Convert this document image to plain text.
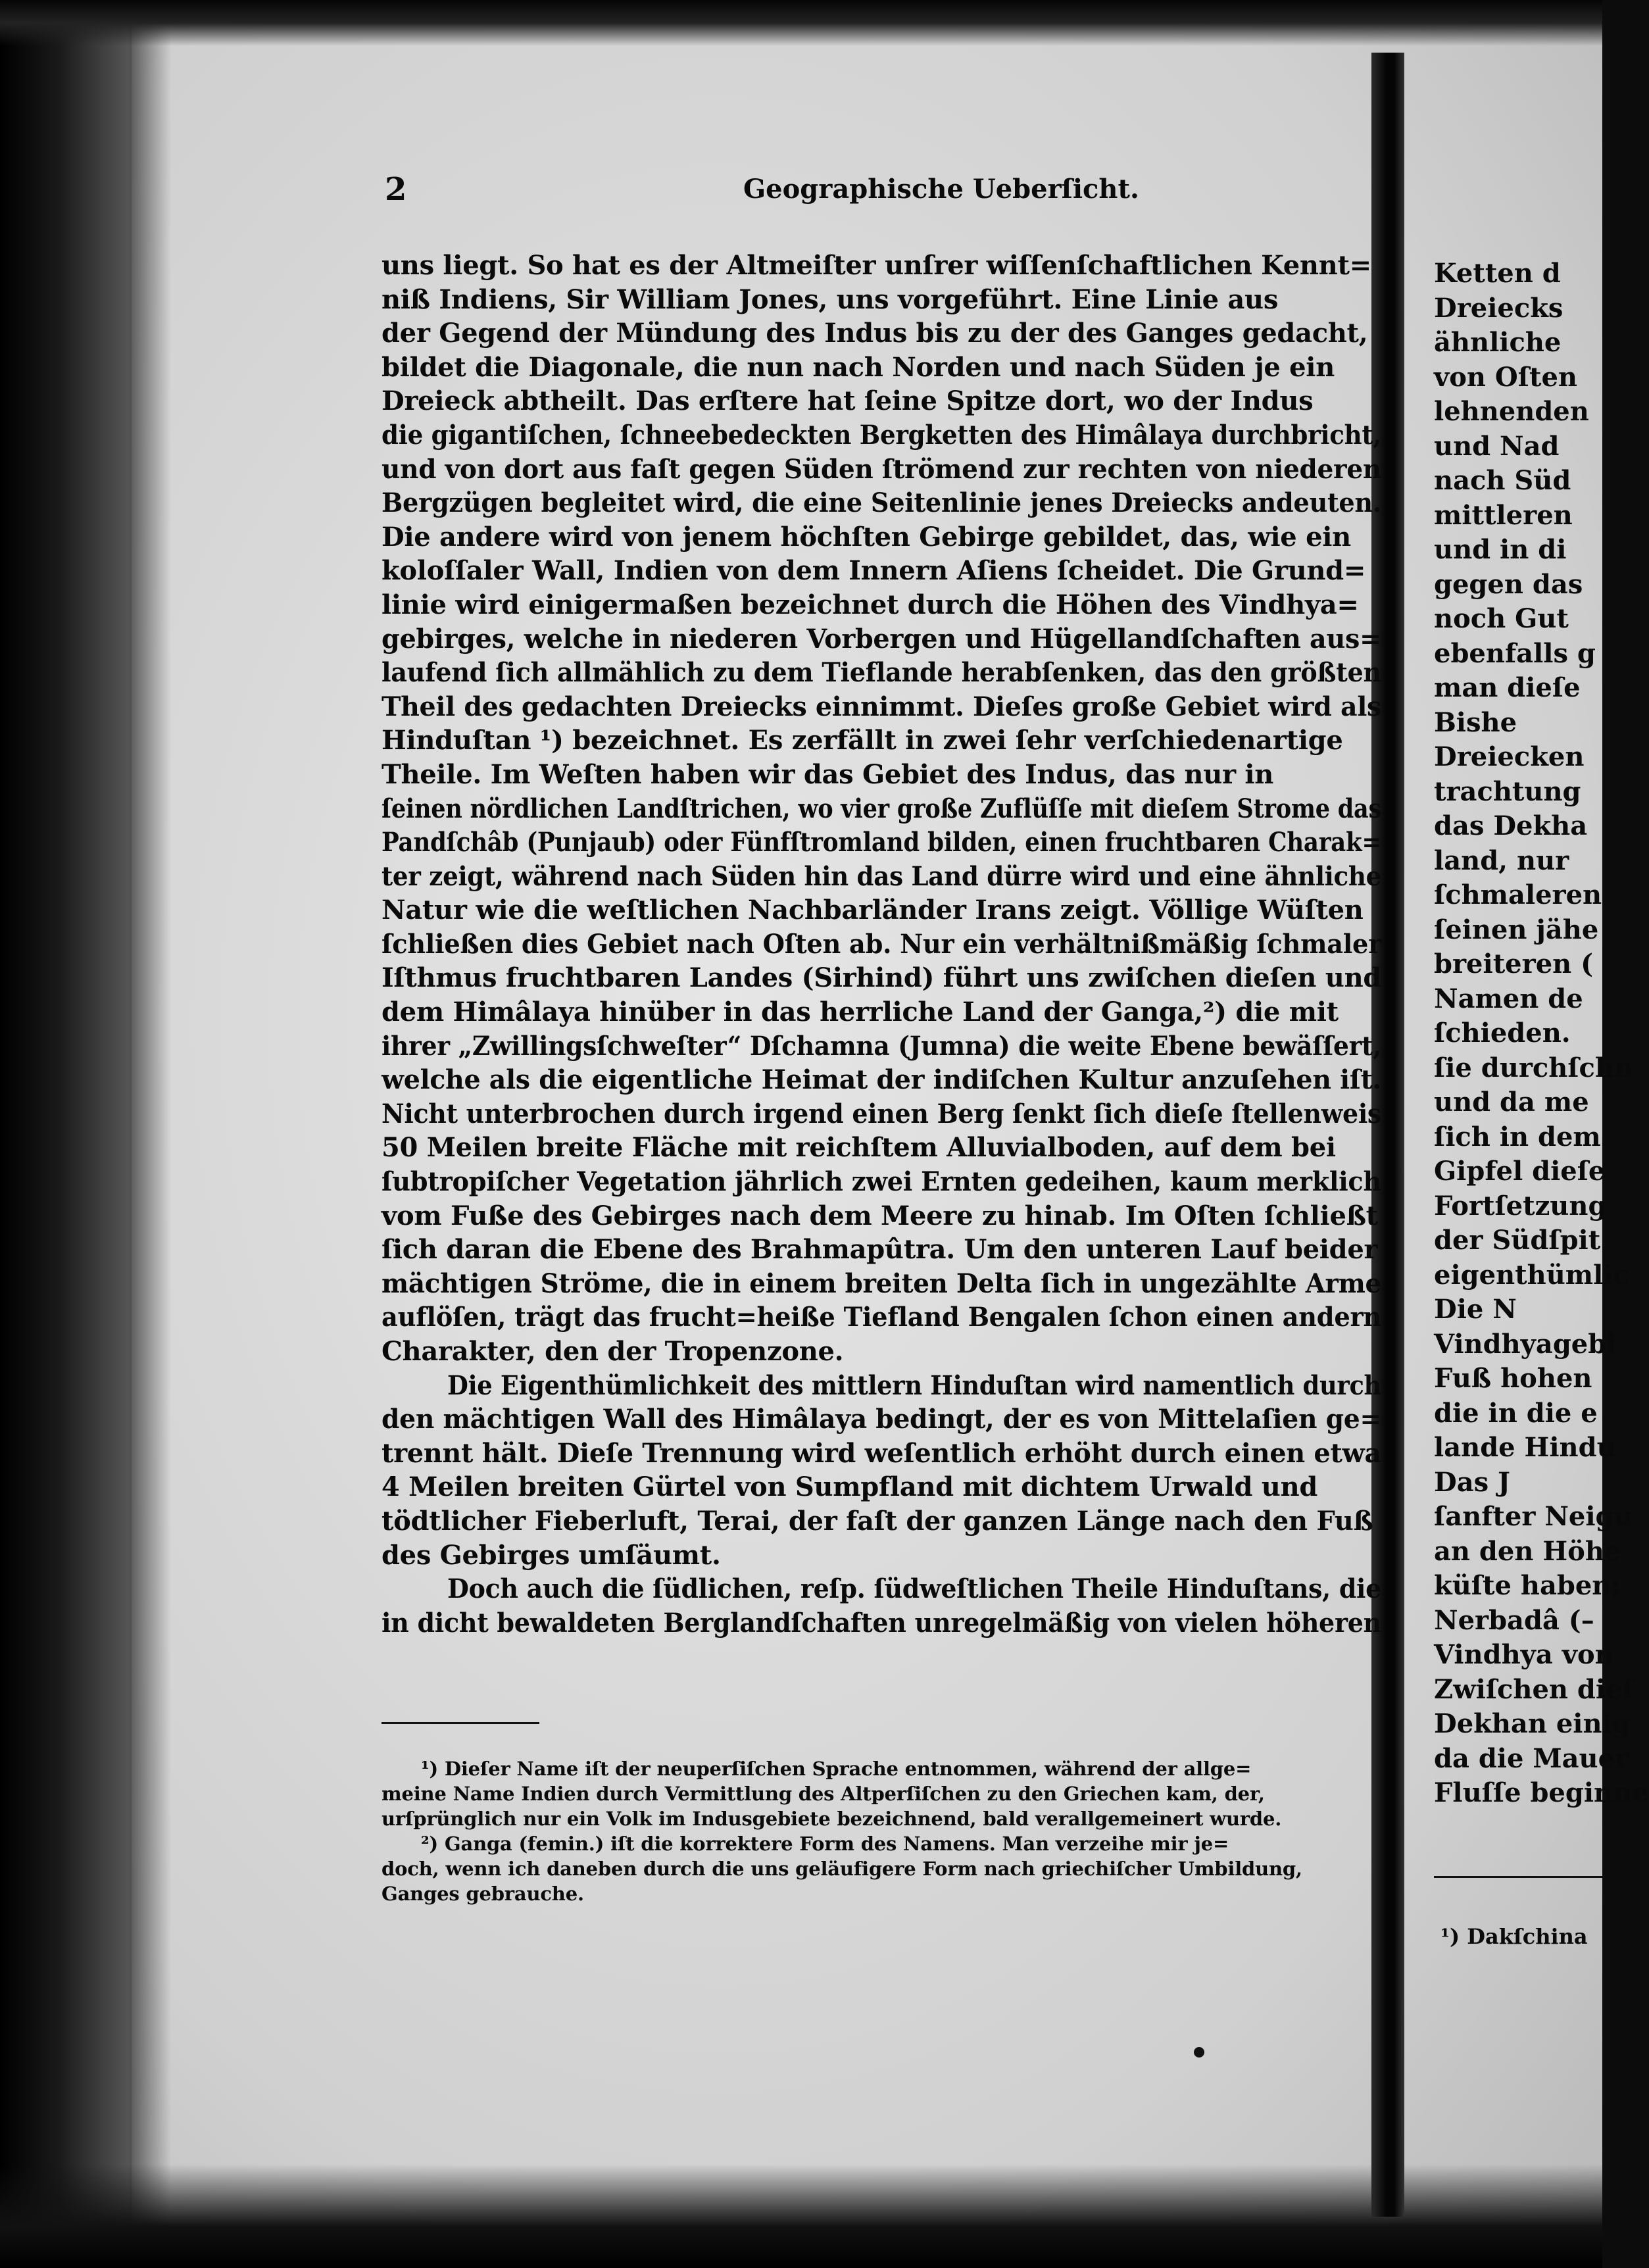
2	Geographische Ueberſicht.
uns liegt. So hat es der Altmeiſter unſrer wiſſenſchaftlichen Kennt=
niß Indiens, Sir William Jones, uns vorgeführt. Eine Linie aus
der Gegend der Mündung des Indus bis zu der des Ganges gedacht,
bildet die Diagonale, die nun nach Norden und nach Süden je ein
Dreieck abtheilt. Das erſtere hat ſeine Spitze dort, wo der Indus
die gigantiſchen, ſchneebedeckten Bergketten des Himâlaya durchbricht,
und von dort aus faſt gegen Süden ſtrömend zur rechten von niederen
Bergzügen begleitet wird, die eine Seitenlinie jenes Dreiecks andeuten.
Die andere wird von jenem höchſten Gebirge gebildet, das, wie ein
koloſſaler Wall, Indien von dem Innern Aſiens ſcheidet. Die Grund=
linie wird einigermaßen bezeichnet durch die Höhen des Vindhya=
gebirges, welche in niederen Vorbergen und Hügellandſchaften aus=
laufend ſich allmählich zu dem Tieflande herabſenken, das den größten
Theil des gedachten Dreiecks einnimmt. Dieſes große Gebiet wird als
Hinduſtan ¹) bezeichnet. Es zerfällt in zwei ſehr verſchiedenartige
Theile. Im Weſten haben wir das Gebiet des Indus, das nur in
ſeinen nördlichen Landſtrichen, wo vier große Zuflüſſe mit dieſem Strome das
Pandſchâb (Punjaub) oder Fünfſtromland bilden, einen fruchtbaren Charak=
ter zeigt, während nach Süden hin das Land dürre wird und eine ähnliche
Natur wie die weſtlichen Nachbarländer Irans zeigt. Völlige Wüſten
ſchließen dies Gebiet nach Oſten ab. Nur ein verhältnißmäßig ſchmaler
Iſthmus fruchtbaren Landes (Sirhind) führt uns zwiſchen dieſen und
dem Himâlaya hinüber in das herrliche Land der Ganga,²) die mit
ihrer „Zwillingsſchweſter“ Dſchamna (Jumna) die weite Ebene bewäſſert,
welche als die eigentliche Heimat der indiſchen Kultur anzuſehen iſt.
Nicht unterbrochen durch irgend einen Berg ſenkt ſich dieſe ſtellenweis
50 Meilen breite Fläche mit reichſtem Alluvialboden, auf dem bei
ſubtropiſcher Vegetation jährlich zwei Ernten gedeihen, kaum merklich
vom Fuße des Gebirges nach dem Meere zu hinab. Im Oſten ſchließt
ſich daran die Ebene des Brahmapûtra. Um den unteren Lauf beider
mächtigen Ströme, die in einem breiten Delta ſich in ungezählte Arme
auflöſen, trägt das frucht=heiße Tiefland Bengalen ſchon einen andern
Charakter, den der Tropenzone.
Die Eigenthümlichkeit des mittlern Hinduſtan wird namentlich durch
den mächtigen Wall des Himâlaya bedingt, der es von Mittelaſien ge=
trennt hält. Dieſe Trennung wird weſentlich erhöht durch einen etwa
4 Meilen breiten Gürtel von Sumpfland mit dichtem Urwald und
tödtlicher Fieberluft, Terai, der faſt der ganzen Länge nach den Fuß
des Gebirges umſäumt.
Doch auch die ſüdlichen, reſp. ſüdweſtlichen Theile Hinduſtans, die
in dicht bewaldeten Berglandſchaften unregelmäßig von vielen höheren
¹) Dieſer Name iſt der neuperſiſchen Sprache entnommen, während der allge=
meine Name Indien durch Vermittlung des Altperſiſchen zu den Griechen kam, der,
urſprünglich nur ein Volk im Indusgebiete bezeichnend, bald verallgemeinert wurde.
²) Ganga (femin.) iſt die korrektere Form des Namens. Man verzeihe mir je=
doch, wenn ich daneben durch die uns geläufigere Form nach griechiſcher Umbildung,
Ganges gebrauche.
Ketten d
Dreiecks
ähnliche
von Oſten
lehnenden
und Nad
nach Süd
mittleren
und in di
gegen das
noch Gut
ebenfalls g
man dieſe
Bishe
Dreiecken
trachtung
das Dekha
land, nur
ſchmaleren
ſeinen jähe
breiteren (
Namen de
ſchieden.
ſie durchſchn
und da me
ſich in dem
Gipfel dieſe
Fortſetzung
der Südſpit
eigenthümlic
Die N
Vindhyagebi
Fuß hohen
die in die e
lande Hindu
Das J
ſanfter Neigu
an den Höhe
küſte haben;
Nerbadâ (–
Vindhya von
Zwiſchen dieſ
Dekhan einig
da die Mauer
Fluſſe beginne
¹) Dakſchina
